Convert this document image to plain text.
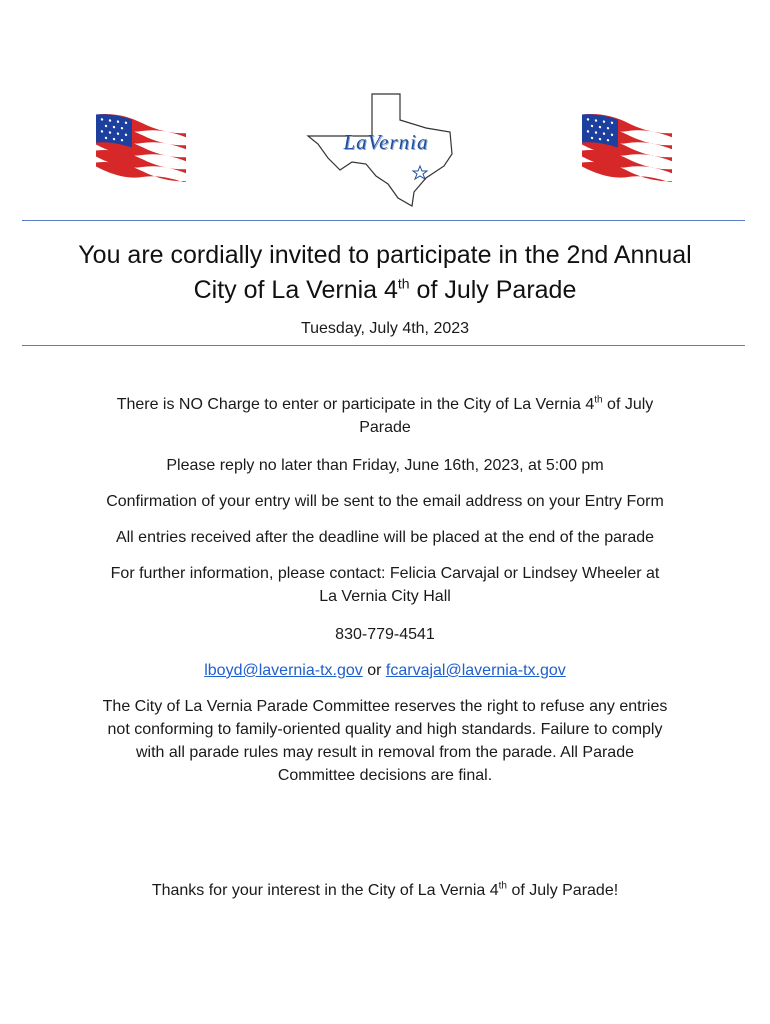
LaVernia
You are cordially invited to participate in the 2nd Annual
City of La Vernia 4th of July Parade
Tuesday, July 4th, 2023
There is NO Charge to enter or participate in the City of La Vernia 4th of July
Parade
Please reply no later than Friday, June 16th, 2023, at 5:00 pm
Confirmation of your entry will be sent to the email address on your Entry Form
All entries received after the deadline will be placed at the end of the parade
For further information, please contact: Felicia Carvajal or Lindsey Wheeler at
La Vernia City Hall
830-779-4541
lboyd@lavernia-tx.gov or fcarvajal@lavernia-tx.gov
The City of La Vernia Parade Committee reserves the right to refuse any entries
not conforming to family-oriented quality and high standards. Failure to comply
with all parade rules may result in removal from the parade. All Parade
Committee decisions are final.
Thanks for your interest in the City of La Vernia 4th of July Parade!
